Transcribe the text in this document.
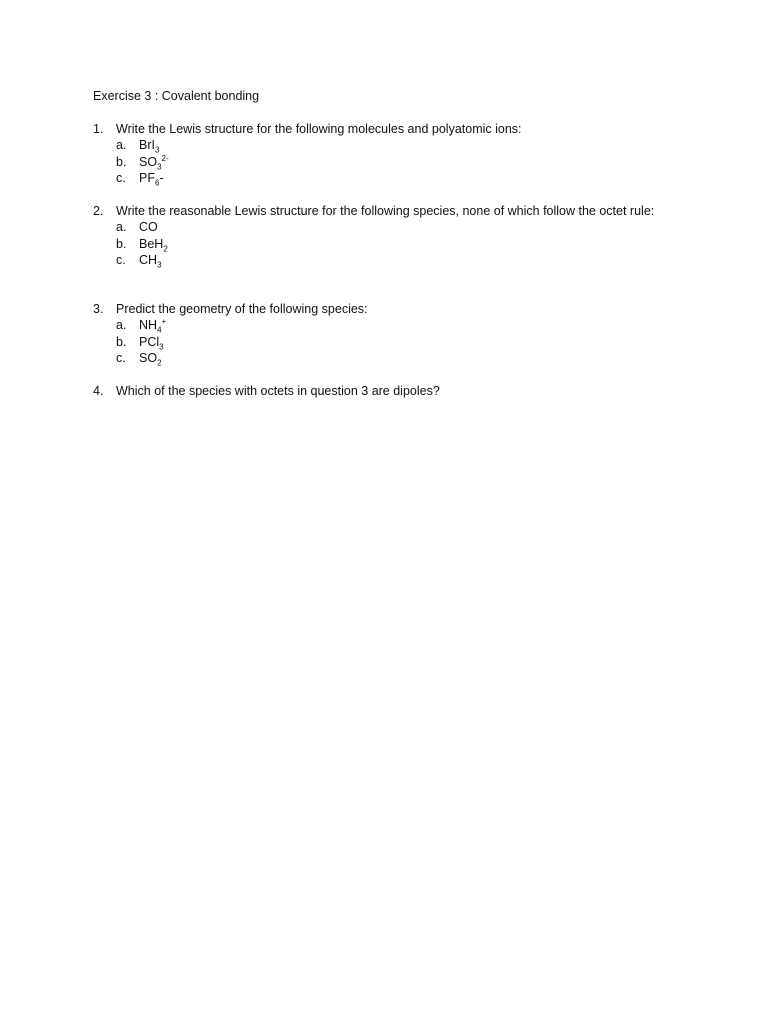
Exercise 3 : Covalent bonding
1.	Write the Lewis structure for the following molecules and polyatomic ions:
a. BrI$_3$
b. $SO_3^{2-}$
c. $PF_6-$
2.	Write the reasonable Lewis structure for the following species, none of which follow the octet rule:
a. CO
b. BeH$_2$
c. $CH_3$
3.	Predict the geometry of the following species:
a. $NH_4^+$
b. PCl$_3$
c. $SO_2$
4.	Which of the species with octets in question 3 are dipoles?
